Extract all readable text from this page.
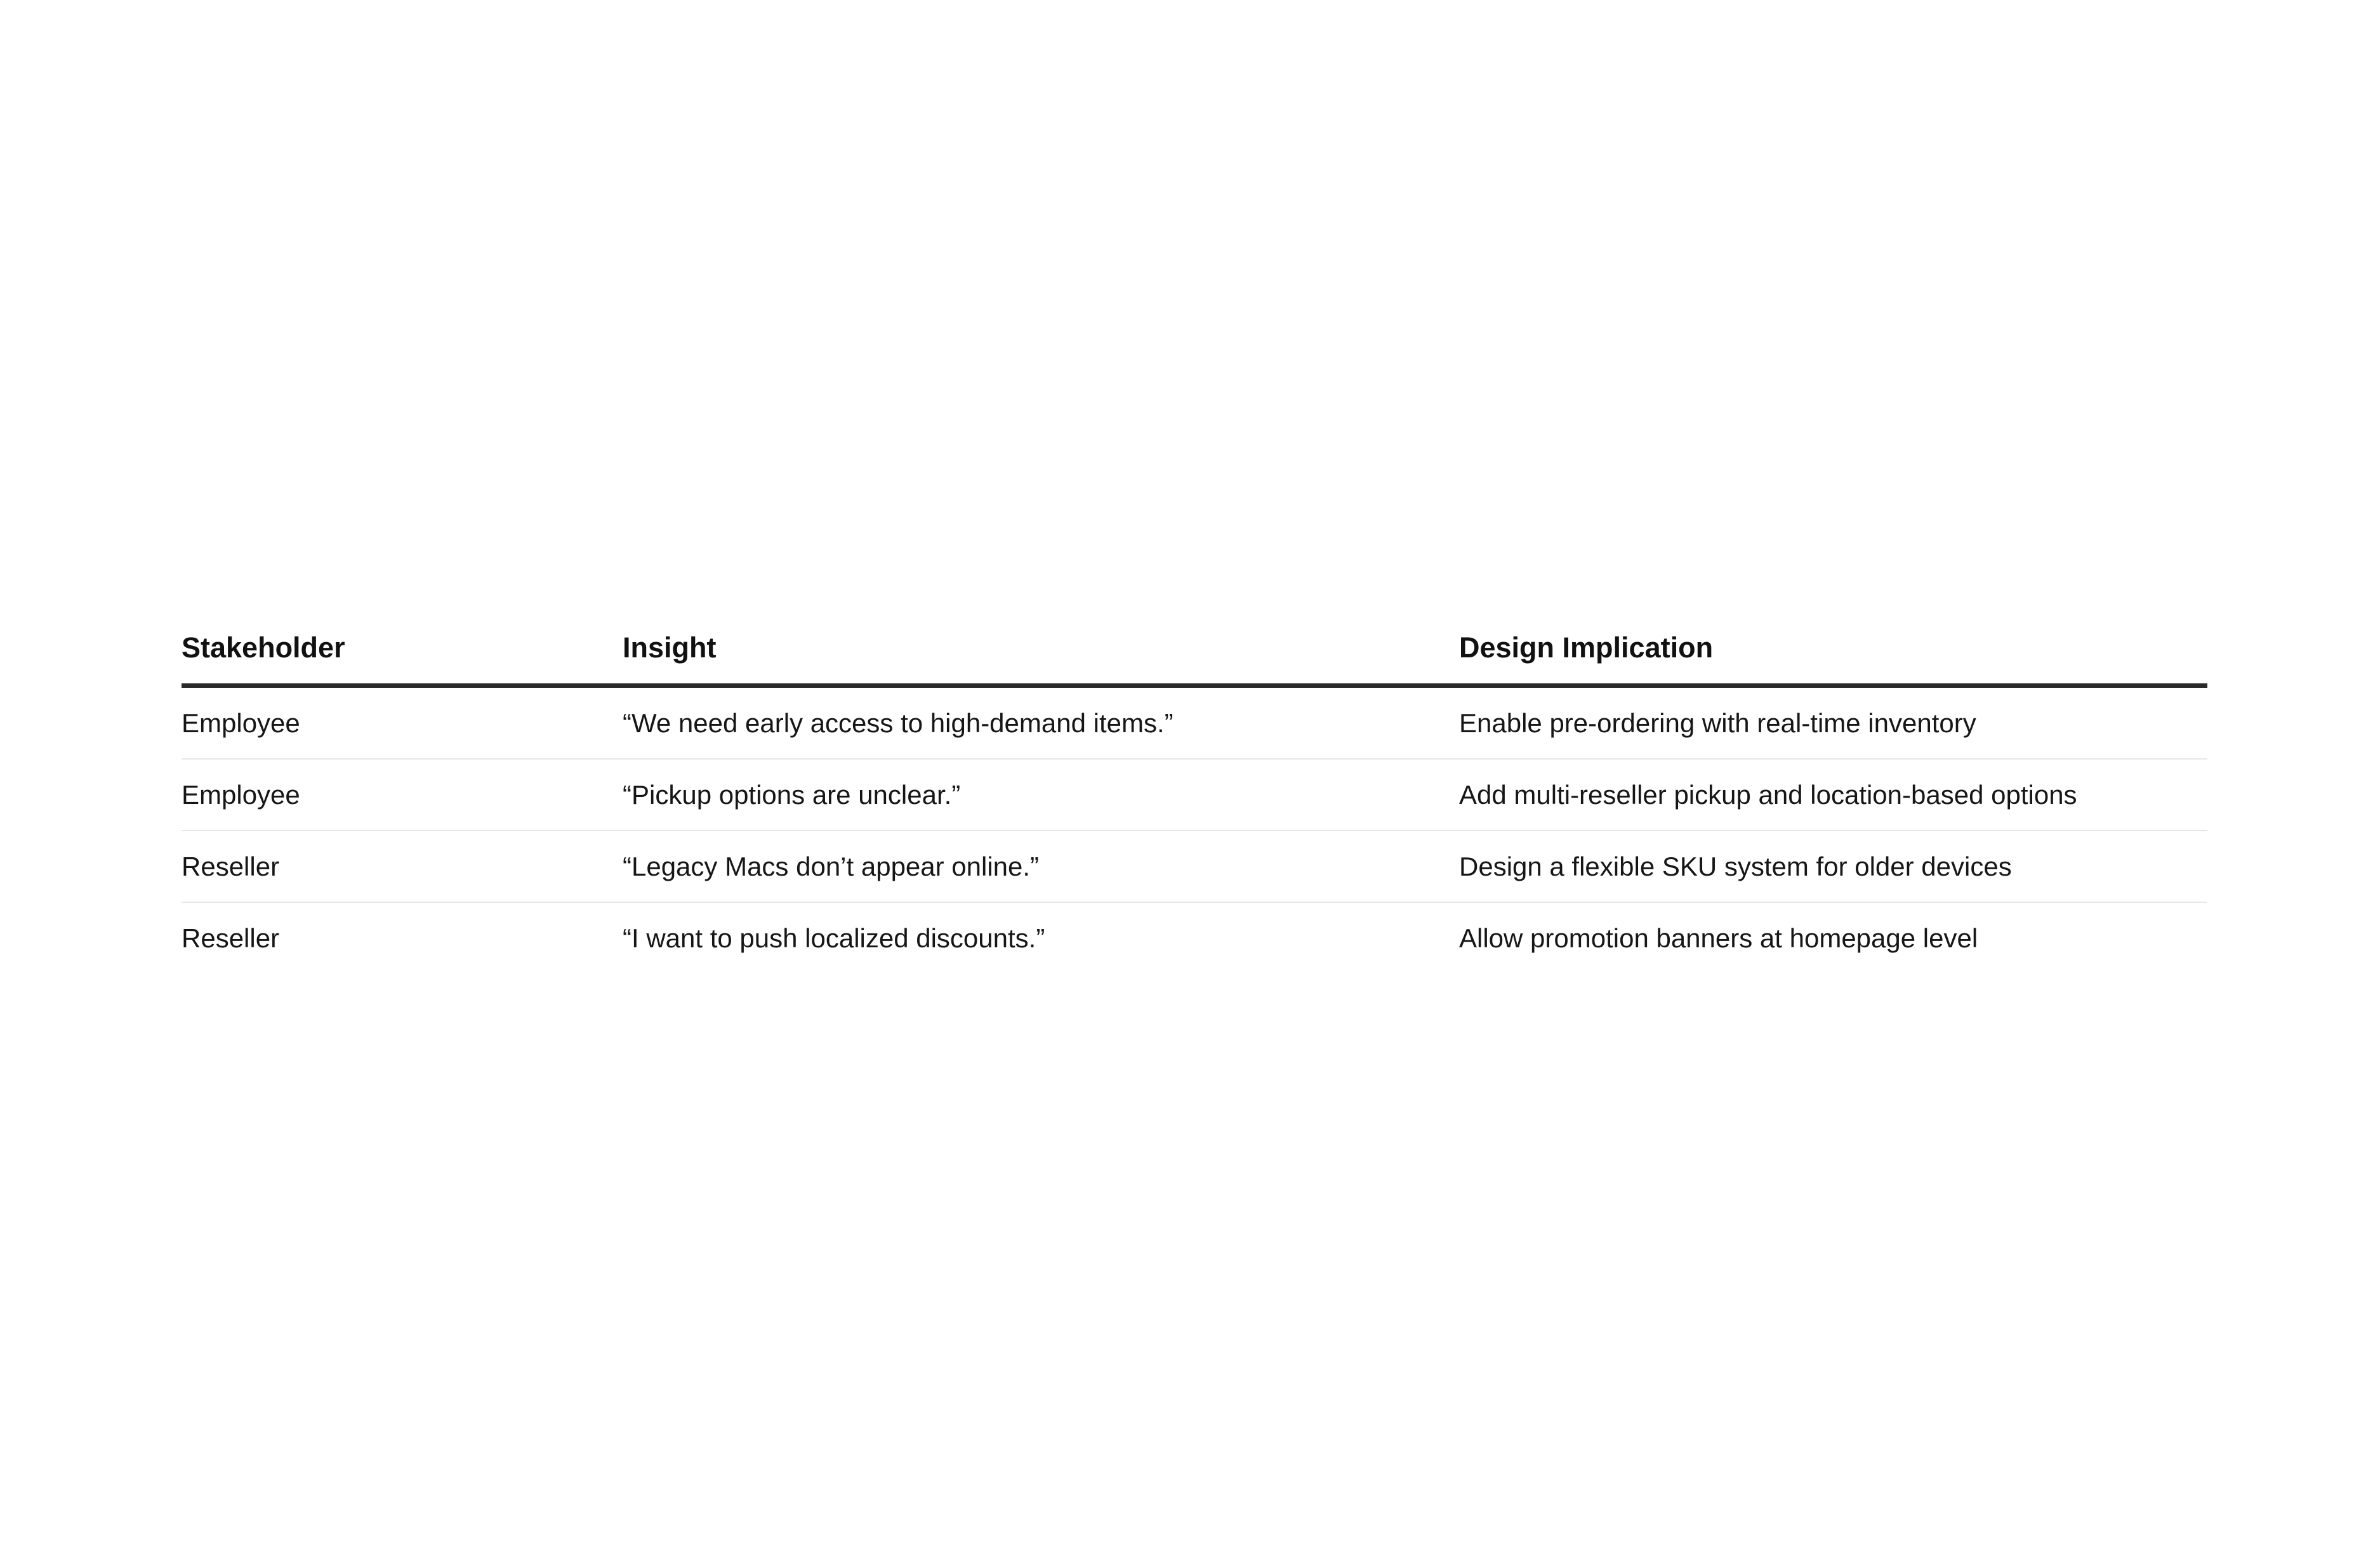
Stakeholder	Insight	Design Implication
Employee	“We need early access to high-demand items.”	Enable pre-ordering with real-time inventory
Employee	“Pickup options are unclear.”	Add multi-reseller pickup and location-based options
Reseller	“Legacy Macs don’t appear online.”	Design a flexible SKU system for older devices
Reseller	“I want to push localized discounts.”	Allow promotion banners at homepage level
